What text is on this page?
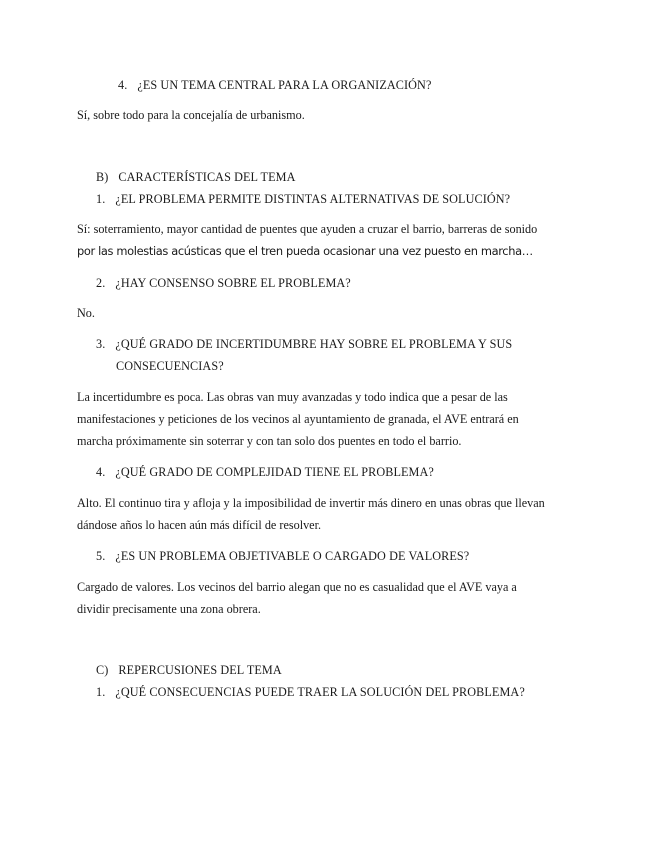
4. ¿ES UN TEMA CENTRAL PARA LA ORGANIZACIÓN?
Sí, sobre todo para la concejalía de urbanismo.
B) CARACTERÍSTICAS DEL TEMA
1. ¿EL PROBLEMA PERMITE DISTINTAS ALTERNATIVAS DE SOLUCIÓN?
Sí: soterramiento, mayor cantidad de puentes que ayuden a cruzar el barrio, barreras de sonido
por las molestias acústicas que el tren pueda ocasionar una vez puesto en marcha…
2. ¿HAY CONSENSO SOBRE EL PROBLEMA?
No.
3. ¿QUÉ GRADO DE INCERTIDUMBRE HAY SOBRE EL PROBLEMA Y SUS
CONSECUENCIAS?
La incertidumbre es poca. Las obras van muy avanzadas y todo indica que a pesar de las
manifestaciones y peticiones de los vecinos al ayuntamiento de granada, el AVE entrará en
marcha próximamente sin soterrar y con tan solo dos puentes en todo el barrio.
4. ¿QUÉ GRADO DE COMPLEJIDAD TIENE EL PROBLEMA?
Alto. El continuo tira y afloja y la imposibilidad de invertir más dinero en unas obras que llevan
dándose años lo hacen aún más difícil de resolver.
5. ¿ES UN PROBLEMA OBJETIVABLE O CARGADO DE VALORES?
Cargado de valores. Los vecinos del barrio alegan que no es casualidad que el AVE vaya a
dividir precisamente una zona obrera.
C) REPERCUSIONES DEL TEMA
1. ¿QUÉ CONSECUENCIAS PUEDE TRAER LA SOLUCIÓN DEL PROBLEMA?
